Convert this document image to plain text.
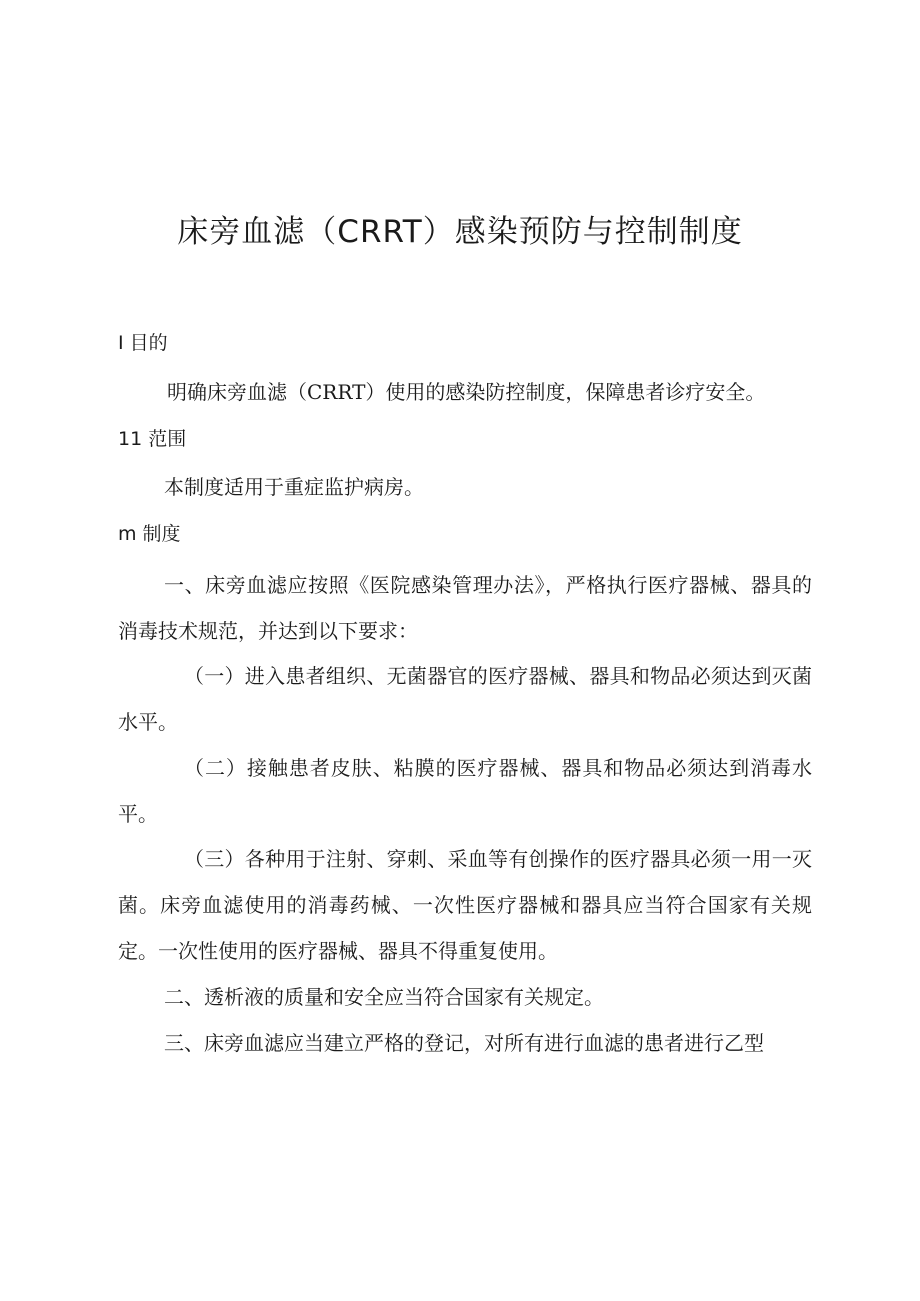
床旁血滤（CRRT）感染预防与控制制度
I 目的
明确床旁血滤（CRRT）使用的感染防控制度，保障患者诊疗安全。
11 范围
本制度适用于重症监护病房。
m 制度

一、床旁血滤应按照《医院感染管理办法》，严格执行医疗器械、器具的消毒技术规范，并达到以下要求：

（一）进入患者组织、无菌器官的医疗器械、器具和物品必须达到灭菌水平。

（二）接触患者皮肤、粘膜的医疗器械、器具和物品必须达到消毒水平。

（三）各种用于注射、穿刺、采血等有创操作的医疗器具必须一用一灭菌。床旁血滤使用的消毒药械、一次性医疗器械和器具应当符合国家有关规定。一次性使用的医疗器械、器具不得重复使用。

二、透析液的质量和安全应当符合国家有关规定。

三、床旁血滤应当建立严格的登记，对所有进行血滤的患者进行乙型
